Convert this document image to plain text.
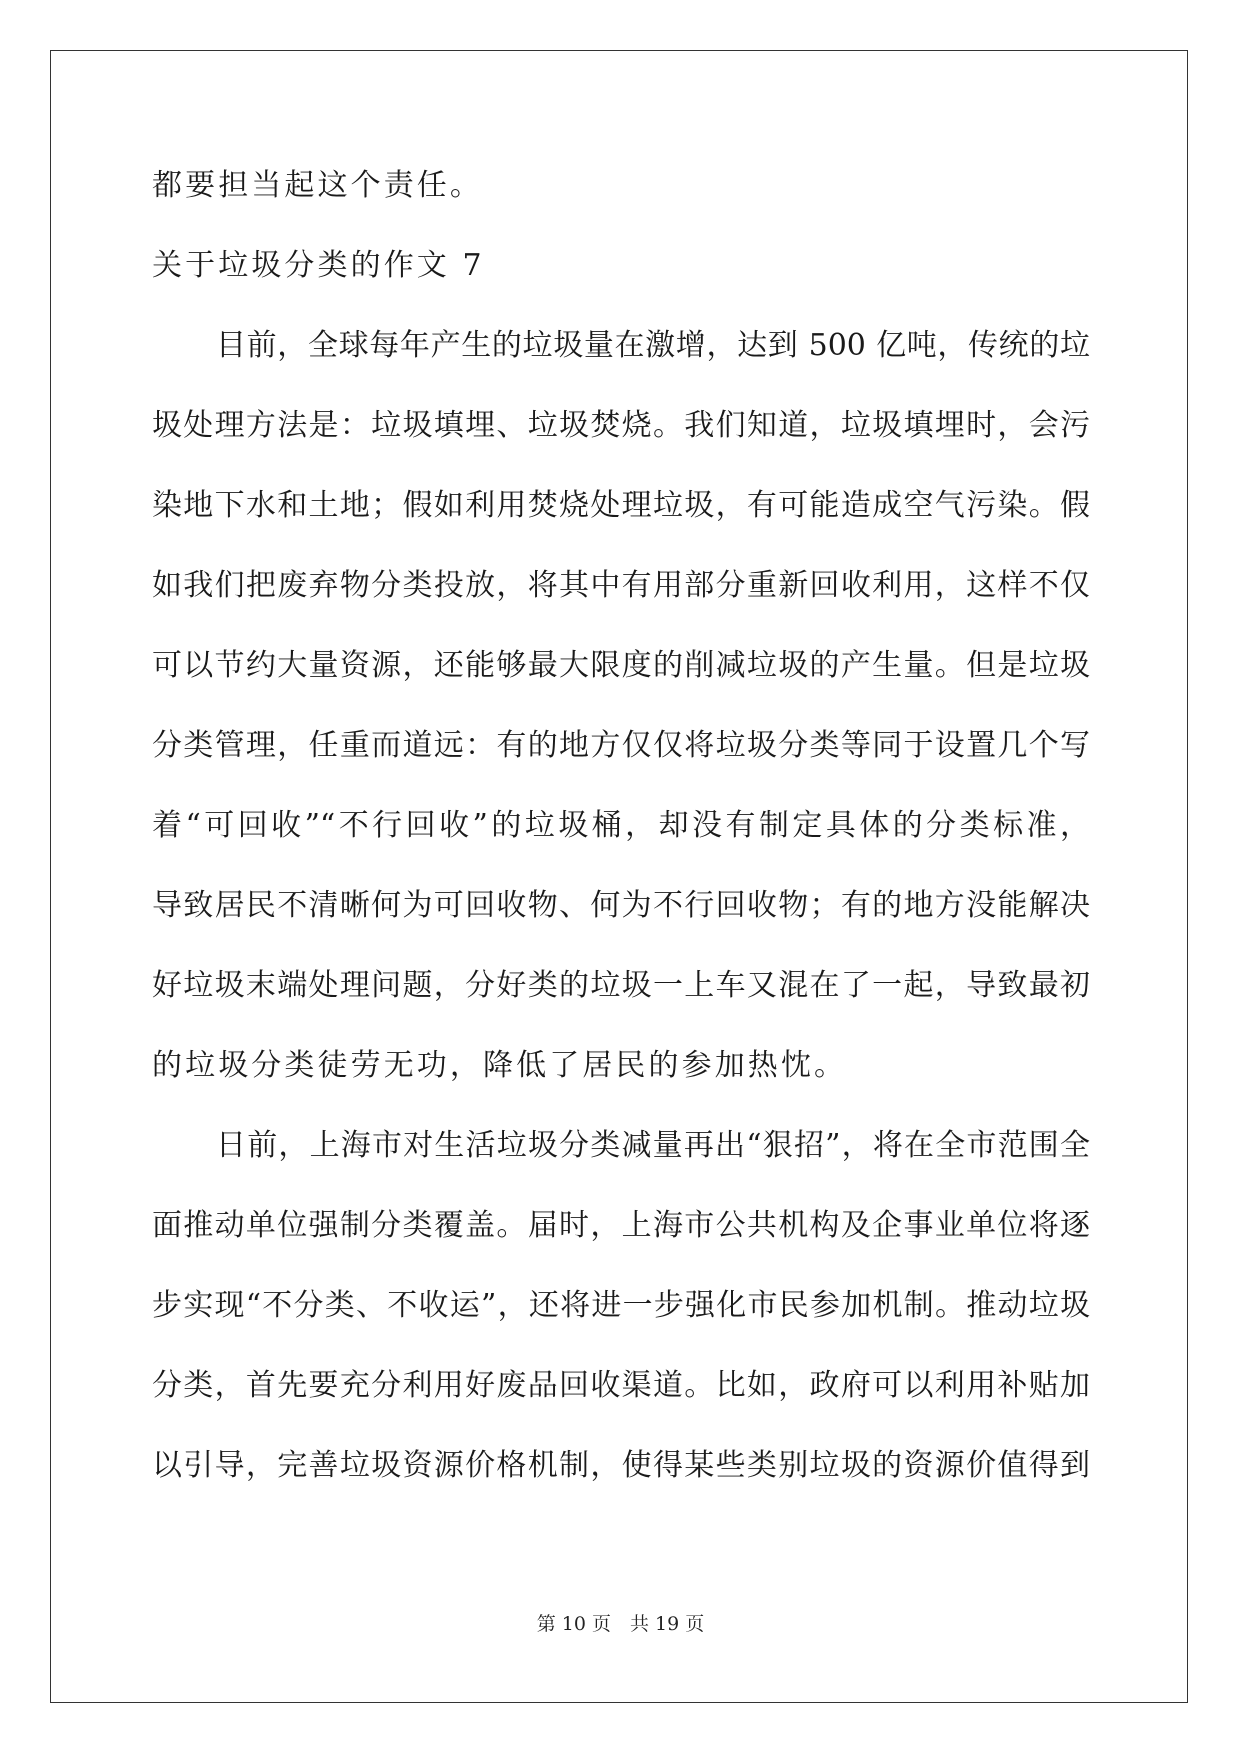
都要担当起这个责任。
关于垃圾分类的作文 7
目前，全球每年产生的垃圾量在激增，达到 500 亿吨，传统的垃
圾处理方法是：垃圾填埋、垃圾焚烧。我们知道，垃圾填埋时，会污
染地下水和土地；假如利用焚烧处理垃圾，有可能造成空气污染。假
如我们把废弃物分类投放，将其中有用部分重新回收利用，这样不仅
可以节约大量资源，还能够最大限度的削减垃圾的产生量。但是垃圾
分类管理，任重而道远：有的地方仅仅将垃圾分类等同于设置几个写
着“可回收”“不行回收”的垃圾桶，却没有制定具体的分类标准，
导致居民不清晰何为可回收物、何为不行回收物；有的地方没能解决
好垃圾末端处理问题，分好类的垃圾一上车又混在了一起，导致最初
的垃圾分类徒劳无功，降低了居民的参加热忱。
日前，上海市对生活垃圾分类减量再出“狠招”，将在全市范围全
面推动单位强制分类覆盖。届时，上海市公共机构及企事业单位将逐
步实现“不分类、不收运”，还将进一步强化市民参加机制。推动垃圾
分类，首先要充分利用好废品回收渠道。比如，政府可以利用补贴加
以引导，完善垃圾资源价格机制，使得某些类别垃圾的资源价值得到
第 10 页　共 19 页
